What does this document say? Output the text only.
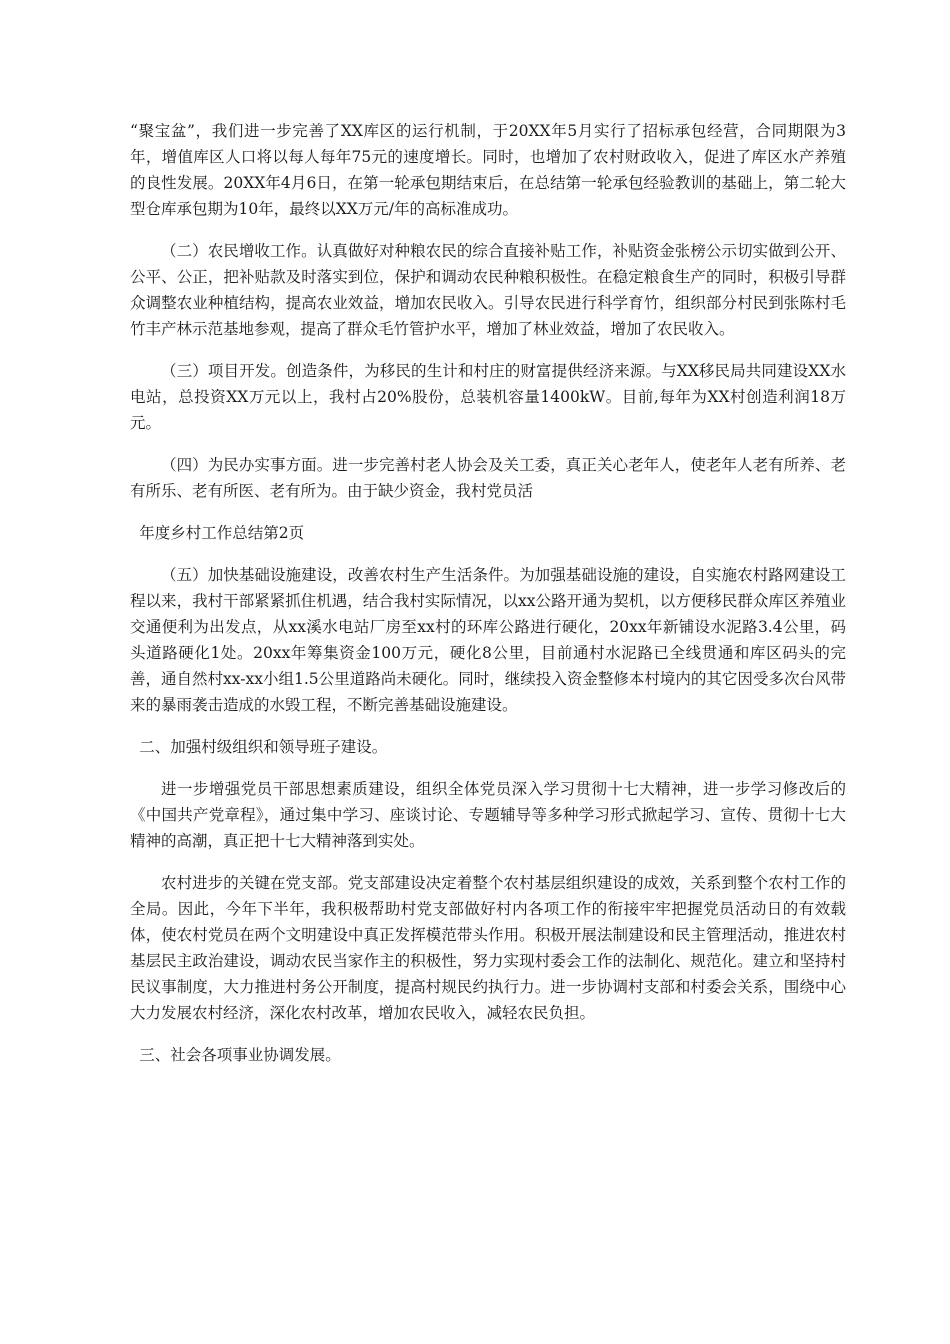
“聚宝盆”，我们进一步完善了XX库区的运行机制，于20XX年5月实行了招标承包经营，合同期限为3年，增值库区人口将以每人每年75元的速度增长。同时，也增加了农村财政收入，促进了库区水产养殖的良性发展。20XX年4月6日，在第一轮承包期结束后，在总结第一轮承包经验教训的基础上，第二轮大型仓库承包期为10年，最终以XX万元/年的高标准成功。

（二）农民增收工作。认真做好对种粮农民的综合直接补贴工作，补贴资金张榜公示切实做到公开、公平、公正，把补贴款及时落实到位，保护和调动农民种粮积极性。在稳定粮食生产的同时，积极引导群众调整农业种植结构，提高农业效益，增加农民收入。引导农民进行科学育竹，组织部分村民到张陈村毛竹丰产林示范基地参观，提高了群众毛竹管护水平，增加了林业效益，增加了农民收入。

（三）项目开发。创造条件，为移民的生计和村庄的财富提供经济来源。与XX移民局共同建设XX水电站，总投资XX万元以上，我村占20%股份，总装机容量1400kW。目前,每年为XX村创造利润18万元。

（四）为民办实事方面。进一步完善村老人协会及关工委，真正关心老年人，使老年人老有所养、老有所乐、老有所医、老有所为。由于缺少资金，我村党员活

年度乡村工作总结第2页

（五）加快基础设施建设，改善农村生产生活条件。为加强基础设施的建设，自实施农村路网建设工程以来，我村干部紧紧抓住机遇，结合我村实际情况，以xx公路开通为契机，以方便移民群众库区养殖业交通便利为出发点，从xx溪水电站厂房至xx村的环库公路进行硬化，20xx年新铺设水泥路3.4公里，码头道路硬化1处。20xx年筹集资金100万元，硬化8公里，目前通村水泥路已全线贯通和库区码头的完善，通自然村xx-xx小组1.5公里道路尚未硬化。同时，继续投入资金整修本村境内的其它因受多次台风带来的暴雨袭击造成的水毁工程，不断完善基础设施建设。

二、加强村级组织和领导班子建设。

进一步增强党员干部思想素质建设，组织全体党员深入学习贯彻十七大精神，进一步学习修改后的《中国共产党章程》，通过集中学习、座谈讨论、专题辅导等多种学习形式掀起学习、宣传、贯彻十七大精神的高潮，真正把十七大精神落到实处。

农村进步的关键在党支部。党支部建设决定着整个农村基层组织建设的成效，关系到整个农村工作的全局。因此，今年下半年，我积极帮助村党支部做好村内各项工作的衔接牢牢把握党员活动日的有效载体，使农村党员在两个文明建设中真正发挥模范带头作用。积极开展法制建设和民主管理活动，推进农村基层民主政治建设，调动农民当家作主的积极性，努力实现村委会工作的法制化、规范化。建立和坚持村民议事制度，大力推进村务公开制度，提高村规民约执行力。进一步协调村支部和村委会关系，围绕中心大力发展农村经济，深化农村改革，增加农民收入，减轻农民负担。

三、社会各项事业协调发展。
